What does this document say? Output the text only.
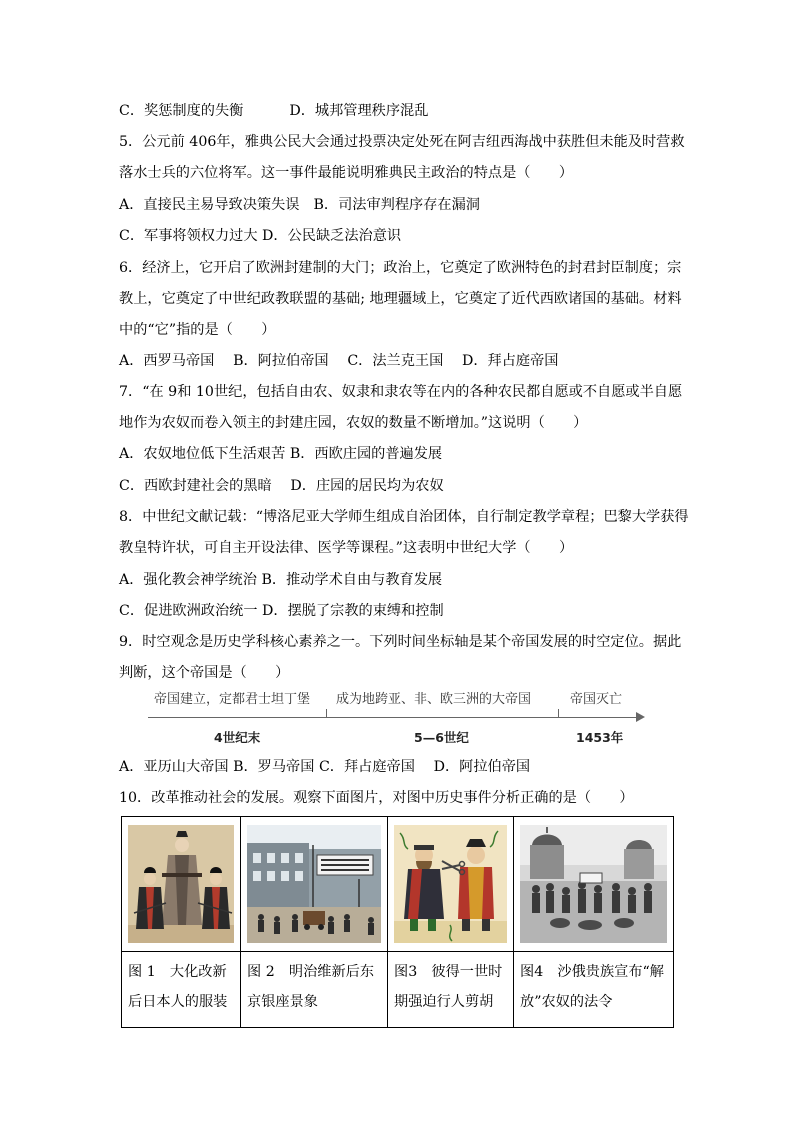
C．奖惩制度的失衡	D．城邦管理秩序混乱
5．公元前 406年，雅典公民大会通过投票决定处死在阿吉纽西海战中获胜但未能及时营救
落水士兵的六位将军。这一事件最能说明雅典民主政治的特点是（　　）
A．直接民主易导致决策失误 B．司法审判程序存在漏洞
C．军事将领权力过大 D．公民缺乏法治意识
6．经济上，它开启了欧洲封建制的大门；政治上，它奠定了欧洲特色的封君封臣制度；宗
教上，它奠定了中世纪政教联盟的基础; 地理疆域上，它奠定了近代西欧诸国的基础。材料
中的“它”指的是（　　）
A．西罗马帝国　 B．阿拉伯帝国　 C．法兰克王国　 D．拜占庭帝国
7．“在 9和 10世纪，包括自由农、奴隶和隶农等在内的各种农民都自愿或不自愿或半自愿
地作为农奴而卷入领主的封建庄园，农奴的数量不断增加。”这说明（　　）
A．农奴地位低下生活艰苦 B．西欧庄园的普遍发展
C．西欧封建社会的黑暗　 D．庄园的居民均为农奴
8．中世纪文献记载：“博洛尼亚大学师生组成自治团体，自行制定教学章程；巴黎大学获得
教皇特许状，可自主开设法律、医学等课程。”这表明中世纪大学（　　）
A．强化教会神学统治 B．推动学术自由与教育发展
C．促进欧洲政治统一 D．摆脱了宗教的束缚和控制
9．时空观念是历史学科核心素养之一。下列时间坐标轴是某个帝国发展的时空定位。据此
判断，这个帝国是（　　）
帝国建立，定都君士坦丁堡 成为地跨亚、非、欧三洲的大帝国	帝国灭亡
4世纪末	5—6世纪	1453年
A．亚历山大帝国 B．罗马帝国 C．拜占庭帝国　 D．阿拉伯帝国
10．改革推动社会的发展。观察下面图片，对图中历史事件分析正确的是（　　）

图 1　大化改新后日本人的服装	图 2　明治维新后东京银座景象	图3　彼得一世时期强迫行人剪胡	图4　沙俄贵族宣布“解放”农奴的法令
